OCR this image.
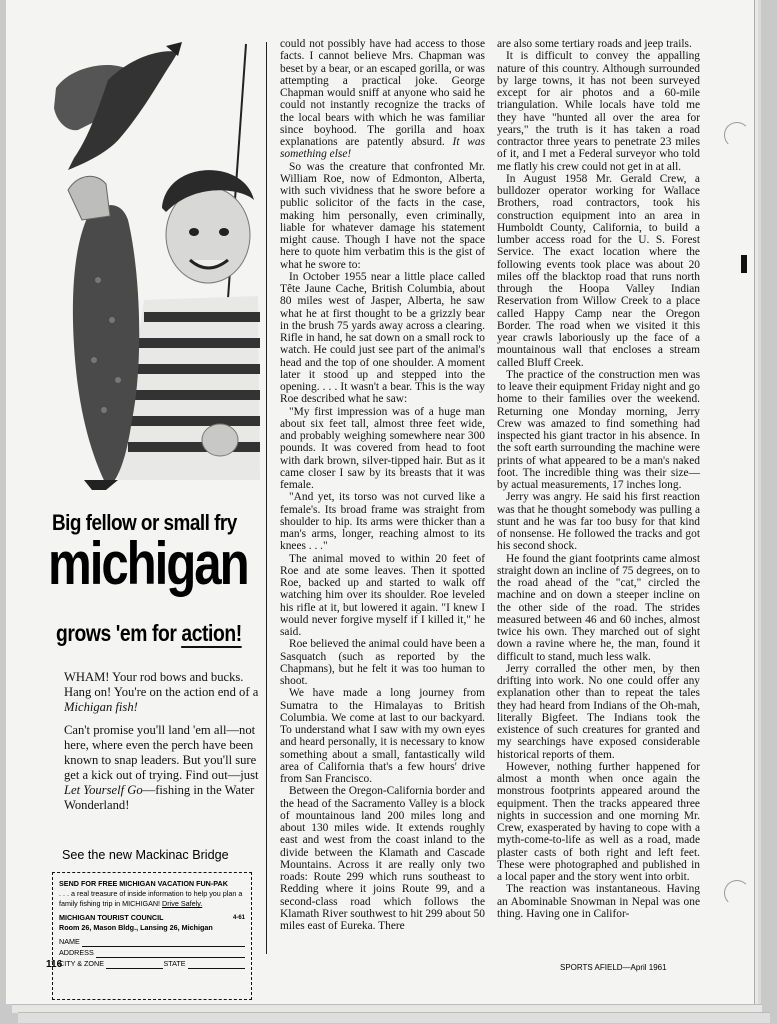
Big fellow or small fry
michigan
grows 'em for action!

WHAM! Your rod bows and bucks. Hang on! You're on the action end of a Michigan fish!

Can't promise you'll land 'em all—not here, where even the perch have been known to snap leaders. But you'll sure get a kick out of trying. Find out—just Let Yourself Go—fishing in the Water Wonderland!

See the new Mackinac Bridge
SEND FOR FREE MICHIGAN VACATION FUN-PAK
. . . a real treasure of inside information to help you plan a family fishing trip in MICHIGAN! Drive Safely.
MICHIGAN TOURIST COUNCIL	4-61
Room 26, Mason Bldg., Lansing 26, Michigan
NAME
ADDRESS
CITY & ZONE	STATE

could not possibly have had access to those facts. I cannot believe Mrs. Chapman was beset by a bear, or an escaped gorilla, or was attempting a practical joke. George Chapman would sniff at anyone who said he could not instantly recognize the tracks of the local bears with which he was familiar since boyhood. The gorilla and hoax explanations are patently absurd. It was something else!

So was the creature that confronted Mr. William Roe, now of Edmonton, Alberta, with such vividness that he swore before a public solicitor of the facts in the case, making him personally, even criminally, liable for whatever damage his statement might cause. Though I have not the space here to quote him verbatim this is the gist of what he swore to:

In October 1955 near a little place called Tête Jaune Cache, British Columbia, about 80 miles west of Jasper, Alberta, he saw what he at first thought to be a grizzly bear in the brush 75 yards away across a clearing. Rifle in hand, he sat down on a small rock to watch. He could just see part of the animal's head and the top of one shoulder. A moment later it stood up and stepped into the opening. . . . It wasn't a bear. This is the way Roe described what he saw:

"My first impression was of a huge man about six feet tall, almost three feet wide, and probably weighing somewhere near 300 pounds. It was covered from head to foot with dark brown, silver-tipped hair. But as it came closer I saw by its breasts that it was female.

"And yet, its torso was not curved like a female's. Its broad frame was straight from shoulder to hip. Its arms were thicker than a man's arms, longer, reaching almost to its knees . . ."

The animal moved to within 20 feet of Roe and ate some leaves. Then it spotted Roe, backed up and started to walk off watching him over its shoulder. Roe leveled his rifle at it, but lowered it again. "I knew I would never forgive myself if I killed it," he said.

Roe believed the animal could have been a Sasquatch (such as reported by the Chapmans), but he felt it was too human to shoot.

We have made a long journey from Sumatra to the Himalayas to British Columbia. We come at last to our backyard. To understand what I saw with my own eyes and heard personally, it is necessary to know something about a small, fantastically wild area of California that's a few hours' drive from San Francisco.

Between the Oregon-California border and the head of the Sacramento Valley is a block of mountainous land 200 miles long and about 130 miles wide. It extends roughly east and west from the coast inland to the divide between the Klamath and Cascade Mountains. Across it are really only two roads: Route 299 which runs southeast to Redding where it joins Route 99, and a second-class road which follows the Klamath River southwest to hit 299 about 50 miles east of Eureka. There

are also some tertiary roads and jeep trails.

It is difficult to convey the appalling nature of this country. Although surrounded by large towns, it has not been surveyed except for air photos and a 60-mile triangulation. While locals have told me they have "hunted all over the area for years," the truth is it has taken a road contractor three years to penetrate 23 miles of it, and I met a Federal surveyor who told me flatly his crew could not get in at all.

In August 1958 Mr. Gerald Crew, a bulldozer operator working for Wallace Brothers, road contractors, took his construction equipment into an area in Humboldt County, California, to build a lumber access road for the U. S. Forest Service. The exact location where the following events took place was about 20 miles off the blacktop road that runs north through the Hoopa Valley Indian Reservation from Willow Creek to a place called Happy Camp near the Oregon Border. The road when we visited it this year crawls laboriously up the face of a mountainous wall that encloses a stream called Bluff Creek.

The practice of the construction men was to leave their equipment Friday night and go home to their families over the weekend. Returning one Monday morning, Jerry Crew was amazed to find something had inspected his giant tractor in his absence. In the soft earth surrounding the machine were prints of what appeared to be a man's naked foot. The incredible thing was their size—by actual measurements, 17 inches long.

Jerry was angry. He said his first reaction was that he thought somebody was pulling a stunt and he was far too busy for that kind of nonsense. He followed the tracks and got his second shock.

He found the giant footprints came almost straight down an incline of 75 degrees, on to the road ahead of the "cat," circled the machine and on down a steeper incline on the other side of the road. The strides measured between 46 and 60 inches, almost twice his own. They marched out of sight down a ravine where he, the man, found it difficult to stand, much less walk.

Jerry corralled the other men, by then drifting into work. No one could offer any explanation other than to repeat the tales they had heard from Indians of the Oh-mah, literally Bigfeet. The Indians took the existence of such creatures for granted and my searchings have exposed considerable historical reports of them.

However, nothing further happened for almost a month when once again the monstrous footprints appeared around the equipment. Then the tracks appeared three nights in succession and one morning Mr. Crew, exasperated by having to cope with a myth-come-to-life as well as a road, made plaster casts of both right and left feet. These were photographed and published in a local paper and the story went into orbit.

The reaction was instantaneous. Having an Abominable Snowman in Nepal was one thing. Having one in Califor-

116	SPORTS AFIELD—April 1961
